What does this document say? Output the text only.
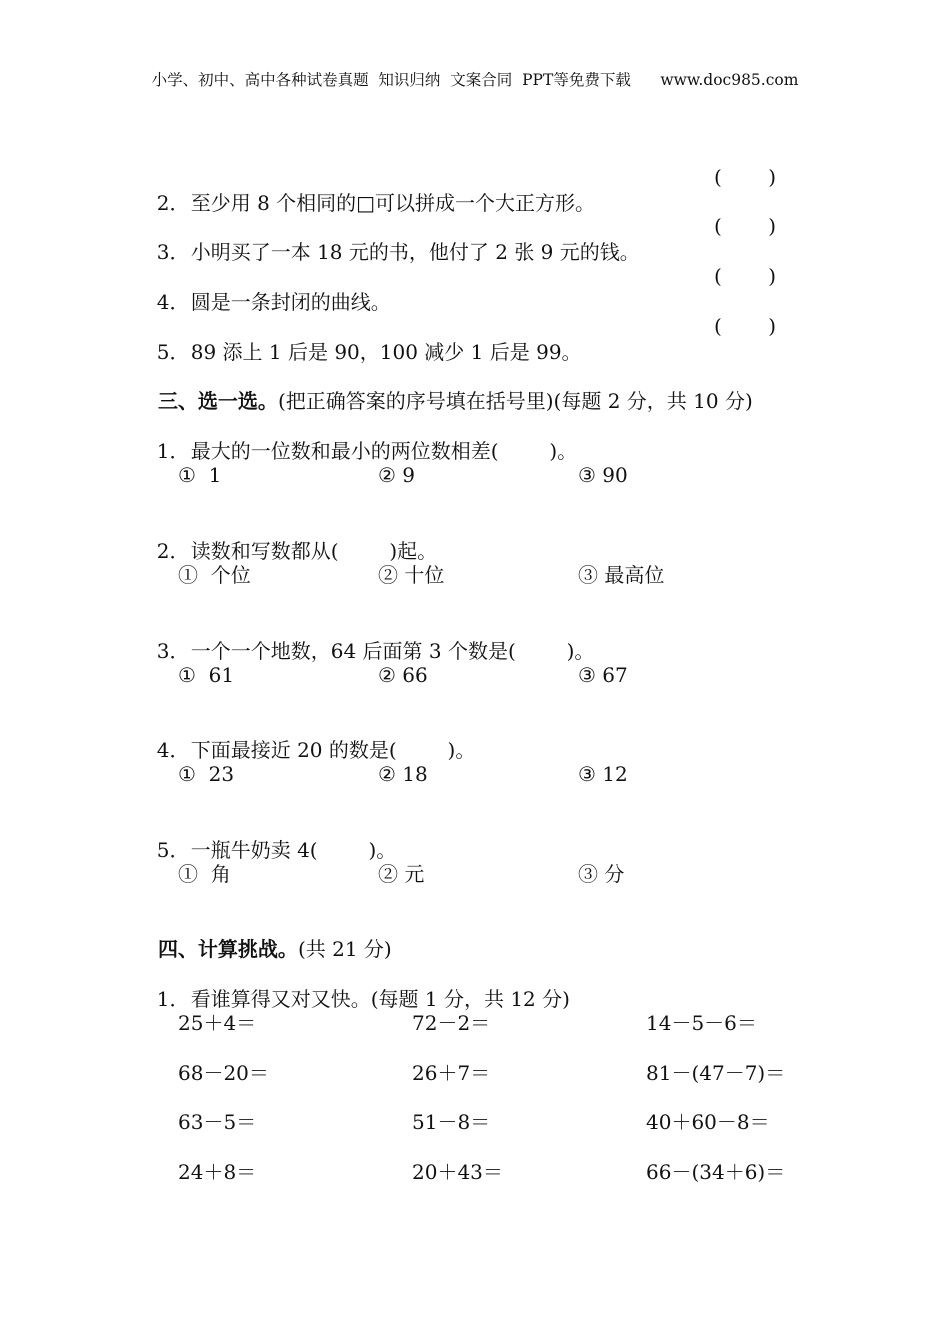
小学、初中、高中各种试卷真题  知识归纳  文案合同  PPT等免费下载      www.doc985.com

2．至少用 8 个相同的□可以拼成一个大正方形。

( )

3．小明买了一本 18 元的书，他付了 2 张 9 元的钱。

( )

4．圆是一条封闭的曲线。

( )

5．89 添上 1 后是 90，100 减少 1 后是 99。

( )

三、选一选。(把正确答案的序号填在括号里)(每题 2 分，共 10 分)

1．最大的一位数和最小的两位数相差(        )。

①  1	② 9	③ 90

2．读数和写数都从(        )起。

①  个位	② 十位	③ 最高位

3．一个一个地数，64 后面第 3 个数是(        )。

①  61	② 66	③ 67

4．下面最接近 20 的数是(        )。

①  23	② 18	③ 12

5．一瓶牛奶卖 4(        )。

①  角	② 元	③ 分

四、计算挑战。(共 21 分)

1．看谁算得又对又快。(每题 1 分，共 12 分)

25＋4＝	72－2＝	14－5－6＝
68－20＝	26＋7＝	81－(47－7)＝
63－5＝	51－8＝	40＋60－8＝
24＋8＝	20＋43＝	66－(34＋6)＝
